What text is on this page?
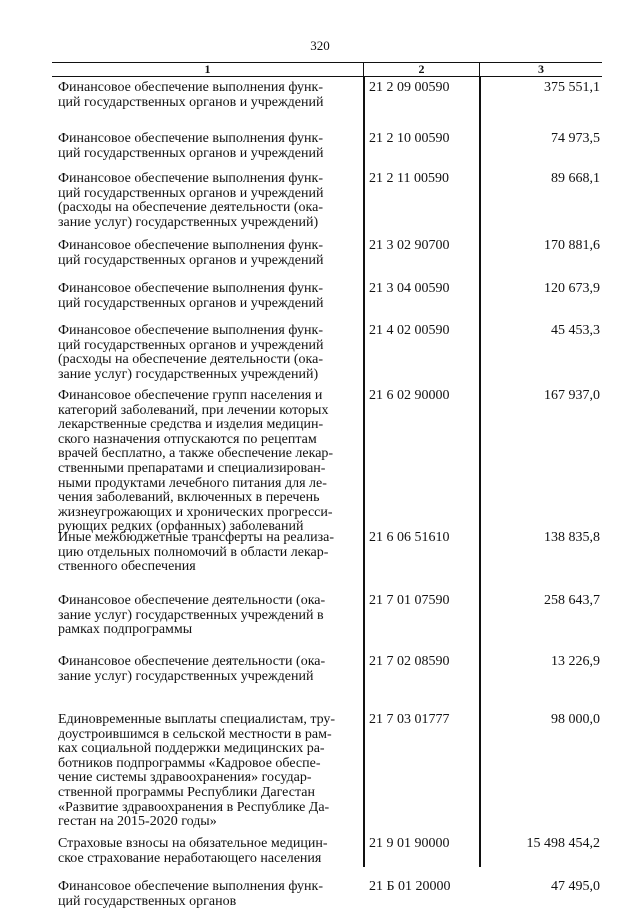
320
1	2	3
Финансовое обеспечение выполнения функ-
ций государственных органов и учреждений
21 2 09 00590	375 551,1
Финансовое обеспечение выполнения функ-
ций государственных органов и учреждений
21 2 10 00590	74 973,5
Финансовое обеспечение выполнения функ-
ций государственных органов и учреждений
(расходы на обеспечение деятельности (ока-
зание услуг) государственных учреждений)
21 2 11 00590	89 668,1
Финансовое обеспечение выполнения функ-
ций государственных органов и учреждений
21 3 02 90700	170 881,6
Финансовое обеспечение выполнения функ-
ций государственных органов и учреждений
21 3 04 00590	120 673,9
Финансовое обеспечение выполнения функ-
ций государственных органов и учреждений
(расходы на обеспечение деятельности (ока-
зание услуг) государственных учреждений)
21 4 02 00590	45 453,3
Финансовое обеспечение групп населения и
категорий заболеваний, при лечении которых
лекарственные средства и изделия медицин-
ского назначения отпускаются по рецептам
врачей бесплатно, а также обеспечение лекар-
ственными препаратами и специализирован-
ными продуктами лечебного питания для ле-
чения заболеваний, включенных в перечень
жизнеугрожающих и хронических прогресси-
рующих редких (орфанных) заболеваний
21 6 02 90000	167 937,0
Иные межбюджетные трансферты на реализа-
цию отдельных полномочий в области лекар-
ственного обеспечения
21 6 06 51610	138 835,8
Финансовое обеспечение деятельности (ока-
зание услуг) государственных учреждений в
рамках подпрограммы
21 7 01 07590	258 643,7
Финансовое обеспечение деятельности (ока-
зание услуг) государственных учреждений
21 7 02 08590	13 226,9
Единовременные выплаты специалистам, тру-
доустроившимся в сельской местности в рам-
ках социальной поддержки медицинских ра-
ботников подпрограммы «Кадровое обеспе-
чение системы здравоохранения» государ-
ственной программы Республики Дагестан
«Развитие здравоохранения в Республике Да-
гестан на 2015-2020 годы»
21 7 03 01777	98 000,0
Страховые взносы на обязательное медицин-
ское страхование неработающего населения
21 9 01 90000	15 498 454,2
Финансовое обеспечение выполнения функ-
ций государственных органов
21 Б 01 20000	47 495,0
